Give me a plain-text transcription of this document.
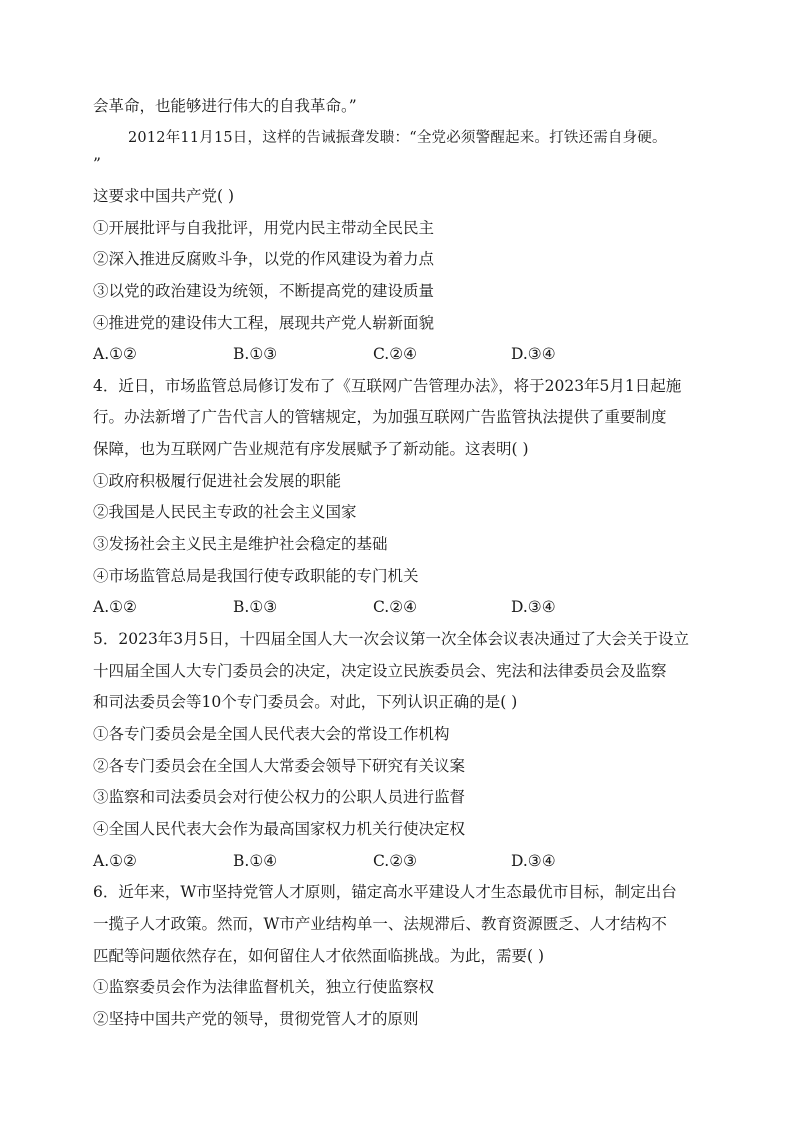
会革命，也能够进行伟大的自我革命。”
2012年11月15日，这样的告诫振聋发聩：“全党必须警醒起来。打铁还需自身硬。
”
这要求中国共产党( )
①开展批评与自我批评，用党内民主带动全民民主
②深入推进反腐败斗争，以党的作风建设为着力点
③以党的政治建设为统领，不断提高党的建设质量
④推进党的建设伟大工程，展现共产党人崭新面貌
A.①②	B.①③	C.②④	D.③④
4．近日，市场监管总局修订发布了《互联网广告管理办法》，将于2023年5月1日起施
行。办法新增了广告代言人的管辖规定，为加强互联网广告监管执法提供了重要制度
保障，也为互联网广告业规范有序发展赋予了新动能。这表明( )
①政府积极履行促进社会发展的职能
②我国是人民民主专政的社会主义国家
③发扬社会主义民主是维护社会稳定的基础
④市场监管总局是我国行使专政职能的专门机关
A.①②	B.①③	C.②④	D.③④
5．2023年3月5日，十四届全国人大一次会议第一次全体会议表决通过了大会关于设立
十四届全国人大专门委员会的决定，决定设立民族委员会、宪法和法律委员会及监察
和司法委员会等10个专门委员会。对此，下列认识正确的是( )
①各专门委员会是全国人民代表大会的常设工作机构
②各专门委员会在全国人大常委会领导下研究有关议案
③监察和司法委员会对行使公权力的公职人员进行监督
④全国人民代表大会作为最高国家权力机关行使决定权
A.①②	B.①④	C.②③	D.③④
6．近年来，W市坚持党管人才原则，锚定高水平建设人才生态最优市目标，制定出台
一揽子人才政策。然而，W市产业结构单一、法规滞后、教育资源匮乏、人才结构不
匹配等问题依然存在，如何留住人才依然面临挑战。为此，需要( )
①监察委员会作为法律监督机关，独立行使监察权
②坚持中国共产党的领导，贯彻党管人才的原则
